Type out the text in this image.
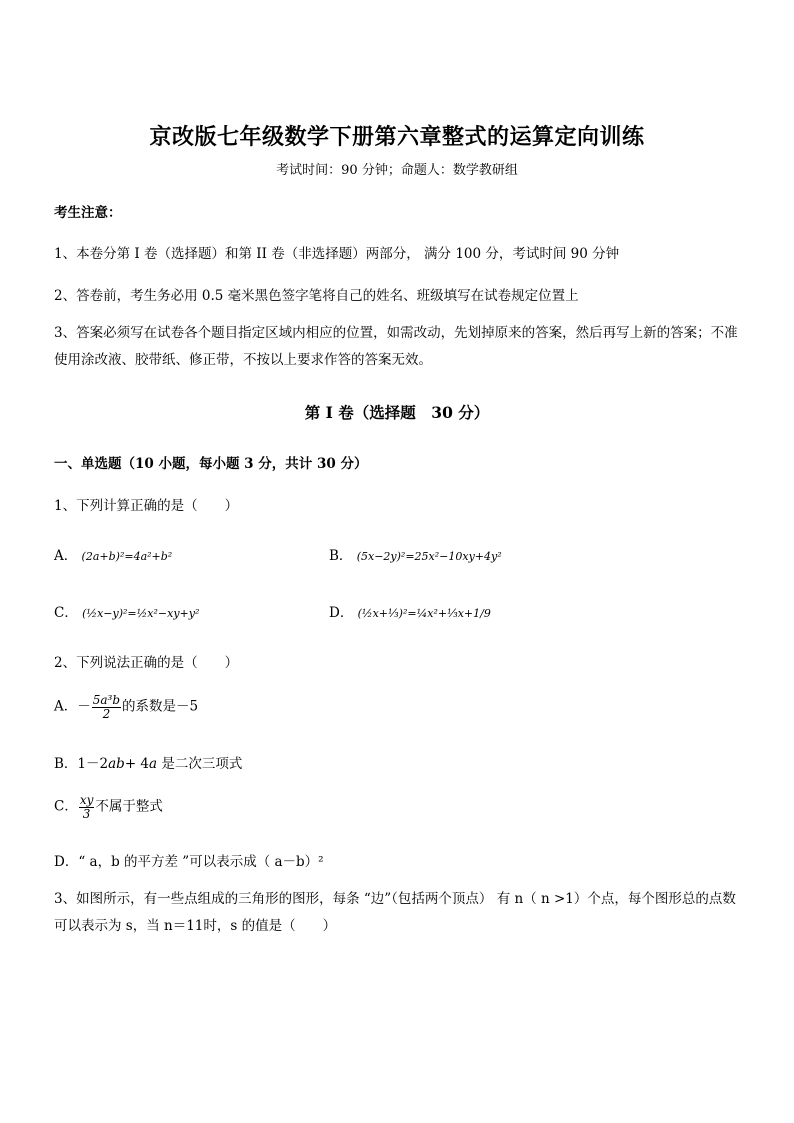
京改版七年级数学下册第六章整式的运算定向训练
考试时间：90 分钟；命题人：数学教研组
考生注意：
1、本卷分第 I 卷（选择题）和第 II 卷（非选择题）两部分， 满分 100 分，考试时间 90 分钟
2、答卷前，考生务必用 0.5 毫米黑色签字笔将自己的姓名、班级填写在试卷规定位置上
3、答案必须写在试卷各个题目指定区域内相应的位置，如需改动，先划掉原来的答案，然后再写上新的答案；不准使用涂改液、胶带纸、修正带，不按以上要求作答的答案无效。
第 I 卷（选择题　30 分）
一、单选题（10 小题，每小题 3 分，共计 30 分）
1、下列计算正确的是（　　）
A． (2a+b)²=4a²+b²	B． (5x−2y)²=25x²−10xy+4y²
C． (½x−y)²=½x²−xy+y²	D． (½x+⅓)²=¼x²+⅓x+1/9
2、下列说法正确的是（　　）
A．－ $\frac{\text{5a³b}}{2}$ 的系数是－5
B．1－2ab+ 4a 是二次三项式
C． $\frac{xy}{3}$ 不属于整式
D．“ a，b 的平方差 ”可以表示成（ a－b）²
3、如图所示，有一些点组成的三角形的图形，每条 “边”（包括两个顶点） 有 n（ n >1）个点，每个图形总的点数可以表示为 s，当 n＝11时，s 的值是（　　）
